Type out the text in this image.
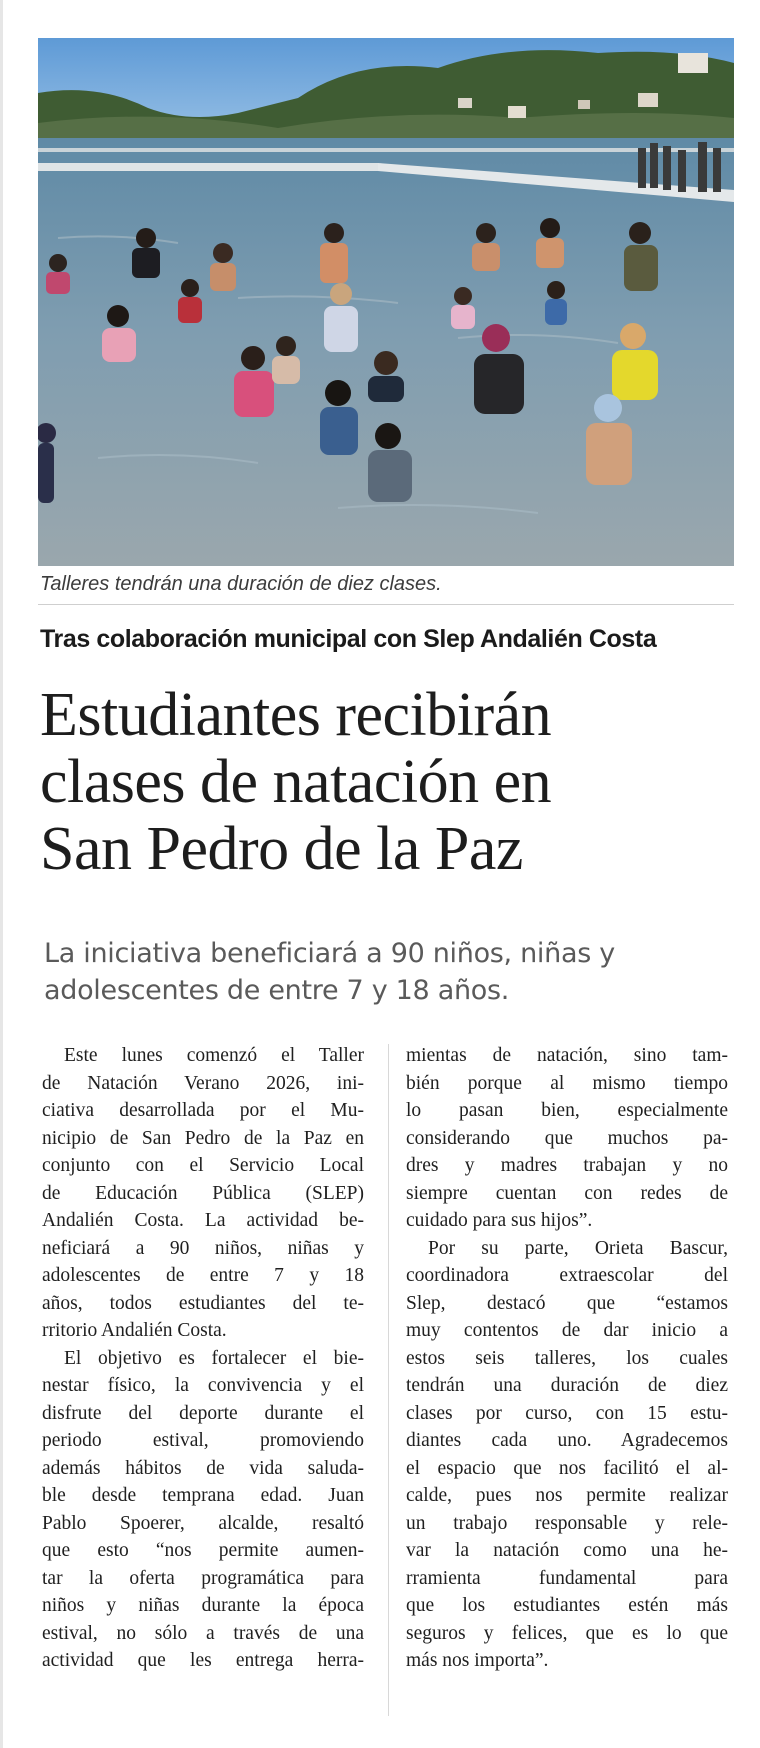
Talleres tendrán una duración de diez clases.
Tras colaboración municipal con Slep Andalién Costa
Estudiantes recibirán
clases de natación en
San Pedro de la Paz
La iniciativa beneficiará a 90 niños, niñas y
adolescentes de entre 7 y 18 años.
Este lunes comenzó el Taller
de Natación Verano 2026, ini-
ciativa desarrollada por el Mu-
nicipio de San Pedro de la Paz en
conjunto con el Servicio Local
de Educación Pública (SLEP)
Andalién Costa. La actividad be-
neficiará a 90 niños, niñas y
adolescentes de entre 7 y 18
años, todos estudiantes del te-
rritorio Andalién Costa.
El objetivo es fortalecer el bie-
nestar físico, la convivencia y el
disfrute del deporte durante el
periodo estival, promoviendo
además hábitos de vida saluda-
ble desde temprana edad. Juan
Pablo Spoerer, alcalde, resaltó
que esto “nos permite aumen-
tar la oferta programática para
niños y niñas durante la época
estival, no sólo a través de una
actividad que les entrega herra-
mientas de natación, sino tam-
bién porque al mismo tiempo
lo pasan bien, especialmente
considerando que muchos pa-
dres y madres trabajan y no
siempre cuentan con redes de
cuidado para sus hijos”.
Por su parte, Orieta Bascur,
coordinadora extraescolar del
Slep, destacó que “estamos
muy contentos de dar inicio a
estos seis talleres, los cuales
tendrán una duración de diez
clases por curso, con 15 estu-
diantes cada uno. Agradecemos
el espacio que nos facilitó el al-
calde, pues nos permite realizar
un trabajo responsable y rele-
var la natación como una he-
rramienta fundamental para
que los estudiantes estén más
seguros y felices, que es lo que
más nos importa”.
